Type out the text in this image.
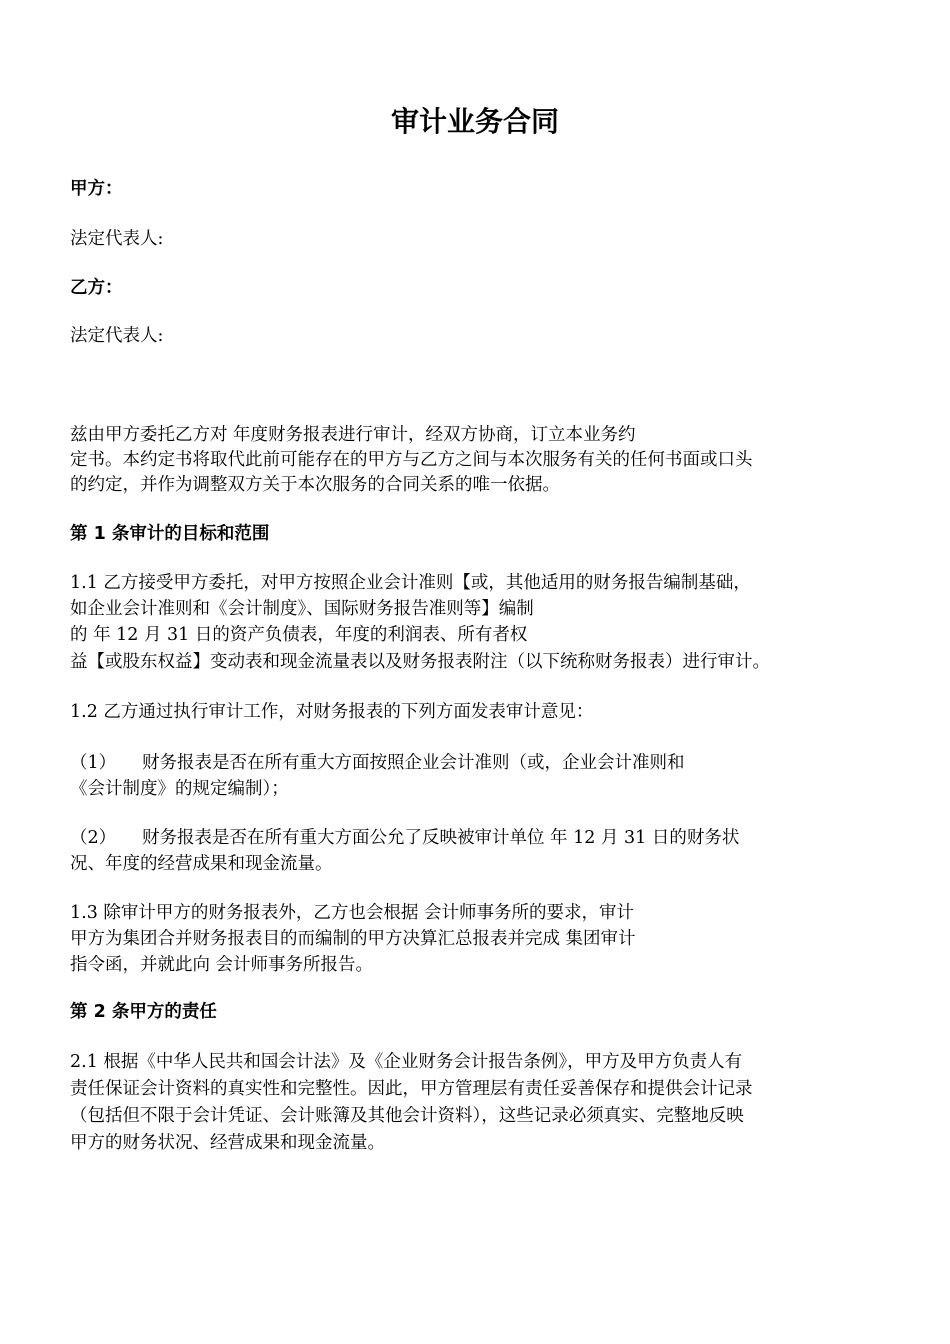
审计业务合同
甲方：
法定代表人:
乙方：
法定代表人:
兹由甲方委托乙方对 年度财务报表进行审计，经双方协商，订立本业务约
定书。本约定书将取代此前可能存在的甲方与乙方之间与本次服务有关的任何书面或口头
的约定，并作为调整双方关于本次服务的合同关系的唯一依据。
第 1 条审计的目标和范围
1.1 乙方接受甲方委托，对甲方按照企业会计准则【或，其他适用的财务报告编制基础，
如企业会计准则和《会计制度》、国际财务报告准则等】编制
的 年 12 月 31 日的资产负债表，年度的利润表、所有者权
益【或股东权益】变动表和现金流量表以及财务报表附注（以下统称财务报表）进行审计。
1.2 乙方通过执行审计工作，对财务报表的下列方面发表审计意见：
（1） 财务报表是否在所有重大方面按照企业会计准则（或，企业会计准则和
《会计制度》的规定编制）；
（2） 财务报表是否在所有重大方面公允了反映被审计单位 年 12 月 31 日的财务状
况、年度的经营成果和现金流量。
1.3 除审计甲方的财务报表外，乙方也会根据 会计师事务所的要求，审计
甲方为集团合并财务报表目的而编制的甲方决算汇总报表并完成 集团审计
指令函，并就此向 会计师事务所报告。
第 2 条甲方的责任
2.1 根据《中华人民共和国会计法》及《企业财务会计报告条例》，甲方及甲方负责人有
责任保证会计资料的真实性和完整性。因此，甲方管理层有责任妥善保存和提供会计记录
（包括但不限于会计凭证、会计账簿及其他会计资料），这些记录必须真实、完整地反映
甲方的财务状况、经营成果和现金流量。
